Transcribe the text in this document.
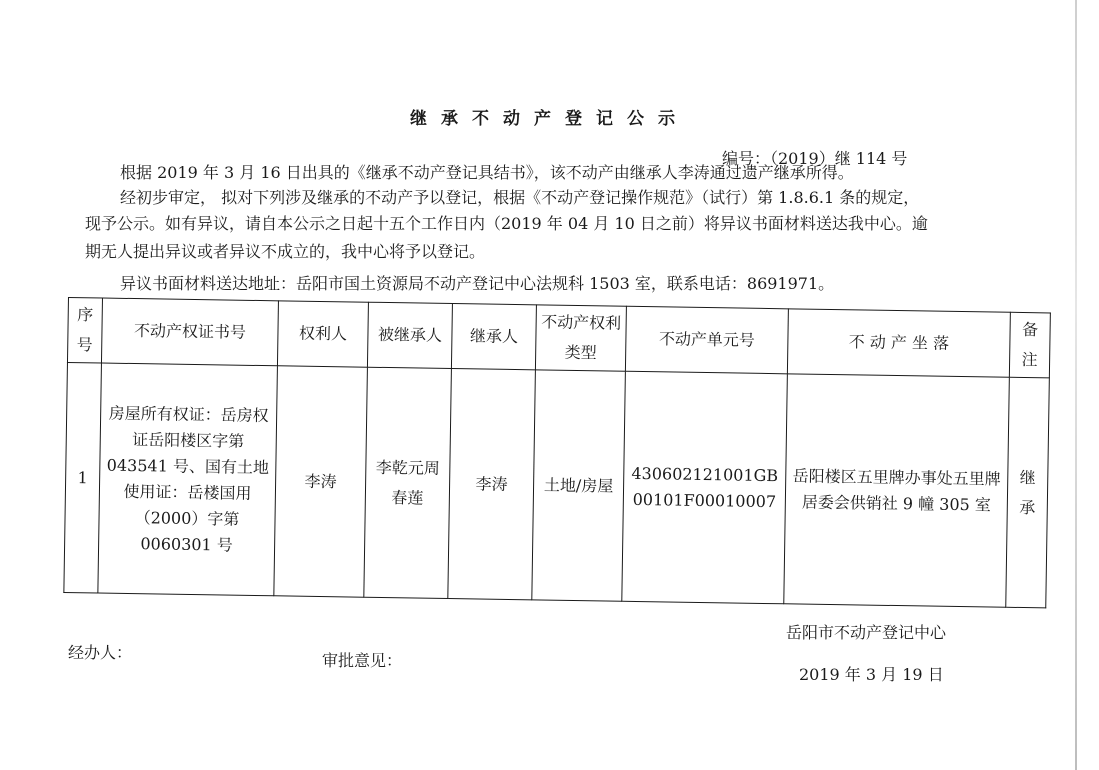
继承不动产登记公示
编号：（2019）继 114 号
根据 2019 年 3 月 16 日出具的《继承不动产登记具结书》，该不动产由继承人李涛通过遗产继承所得。
经初步审定， 拟对下列涉及继承的不动产予以登记，根据《不动产登记操作规范》（试行）第 1.8.6.1 条的规定，
现予公示。如有异议，请自本公示之日起十五个工作日内（2019 年 04 月 10 日之前）将异议书面材料送达我中心。逾
期无人提出异议或者异议不成立的，我中心将予以登记。
异议书面材料送达地址：岳阳市国土资源局不动产登记中心法规科 1503 室，联系电话：8691971。
序号	不动产权证书号	权利人	被继承人	继承人	不动产权利类型	不动产单元号	不 动 产 坐 落	备注
1	房屋所有权证：岳房权证岳阳楼区字第 043541 号、国有土地使用证：岳楼国用（2000）字第 0060301 号	李涛	李乾元周春莲	李涛	土地/房屋	430602121001GB00101F00010007	岳阳楼区五里牌办事处五里牌居委会供销社 9 幢 305 室	继承
岳阳市不动产登记中心
经办人：	审批意见：
2019 年 3 月 19 日
